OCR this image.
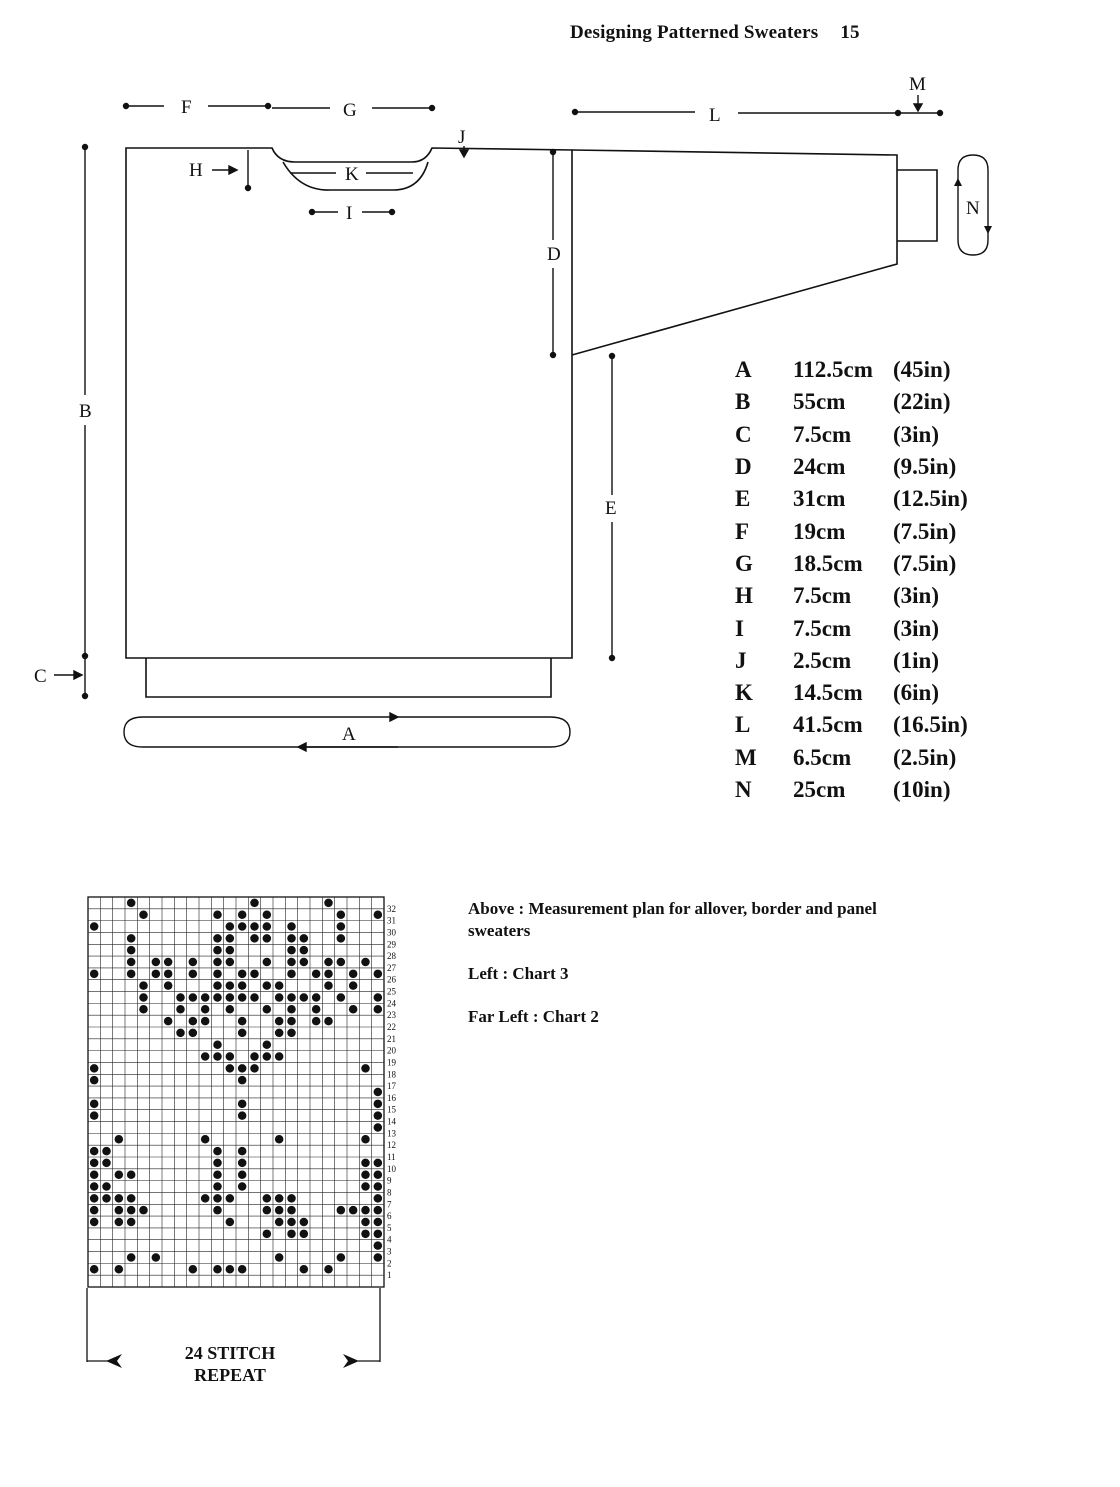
Designing Patterned Sweaters 15
F	G	L
M
J
H	K
I
D
N
B
E
C
A
A	112.5cm	(45in)
B	55cm	(22in)
C	7.5cm	(3in)
D	24cm	(9.5in)
E	31cm	(12.5in)
F	19cm	(7.5in)
G	18.5cm	(7.5in)
H	7.5cm	(3in)
I	7.5cm	(3in)
J	2.5cm	(1in)
K	14.5cm	(6in)
L	41.5cm	(16.5in)
M	6.5cm	(2.5in)
N	25cm	(10in)
Above : Measurement plan for allover, border and panel sweaters
Left : Chart 3
Far Left : Chart 2
1
2
3
4
5
6
7
8
9
10
11
12
13
14
15
16
17
18
19
20
21
22
23
24
25
26
27
28
29
30
31
32
24 STITCH
REPEAT
